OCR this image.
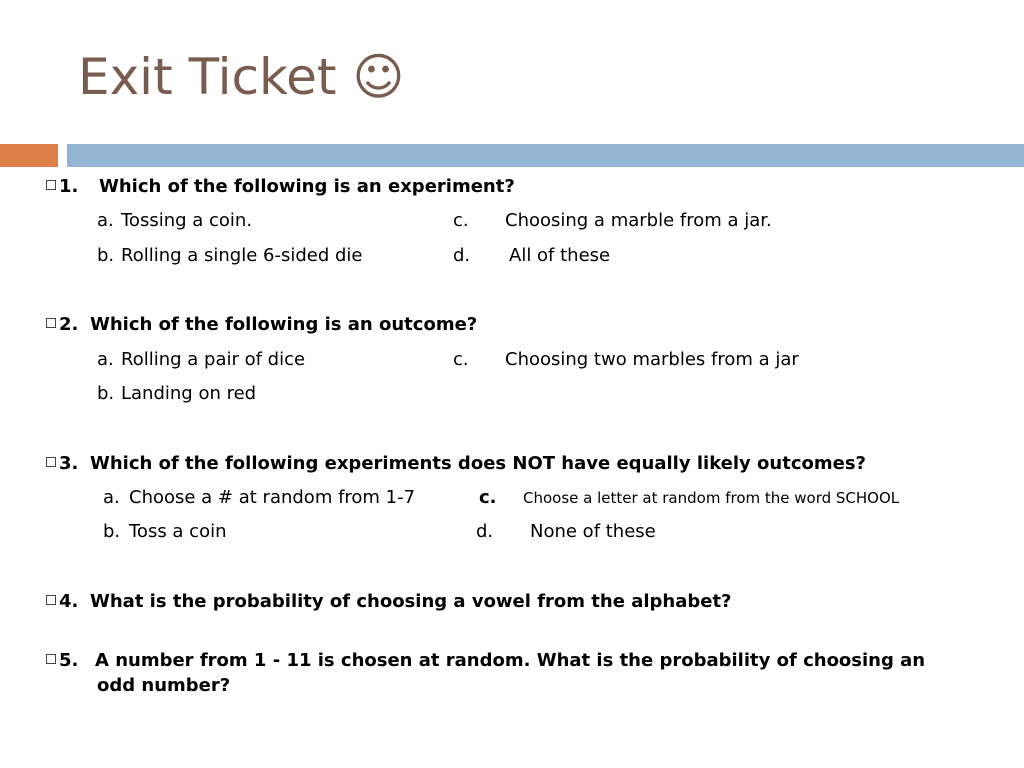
Exit Ticket ☺
1. Which of the following is an experiment?
a. Tossing a coin.	c. Choosing a marble from a jar.
b. Rolling a single 6-sided die	d. All of these
2. Which of the following is an outcome?
a. Rolling a pair of dice	c. Choosing two marbles from a jar
b. Landing on red
3. Which of the following experiments does NOT have equally likely outcomes?
a. Choose a # at random from 1-7	c. Choose a letter at random from the word SCHOOL
b. Toss a coin	d. None of these
4. What is the probability of choosing a vowel from the alphabet?
5. A number from 1 - 11 is chosen at random. What is the probability of choosing an
odd number?
